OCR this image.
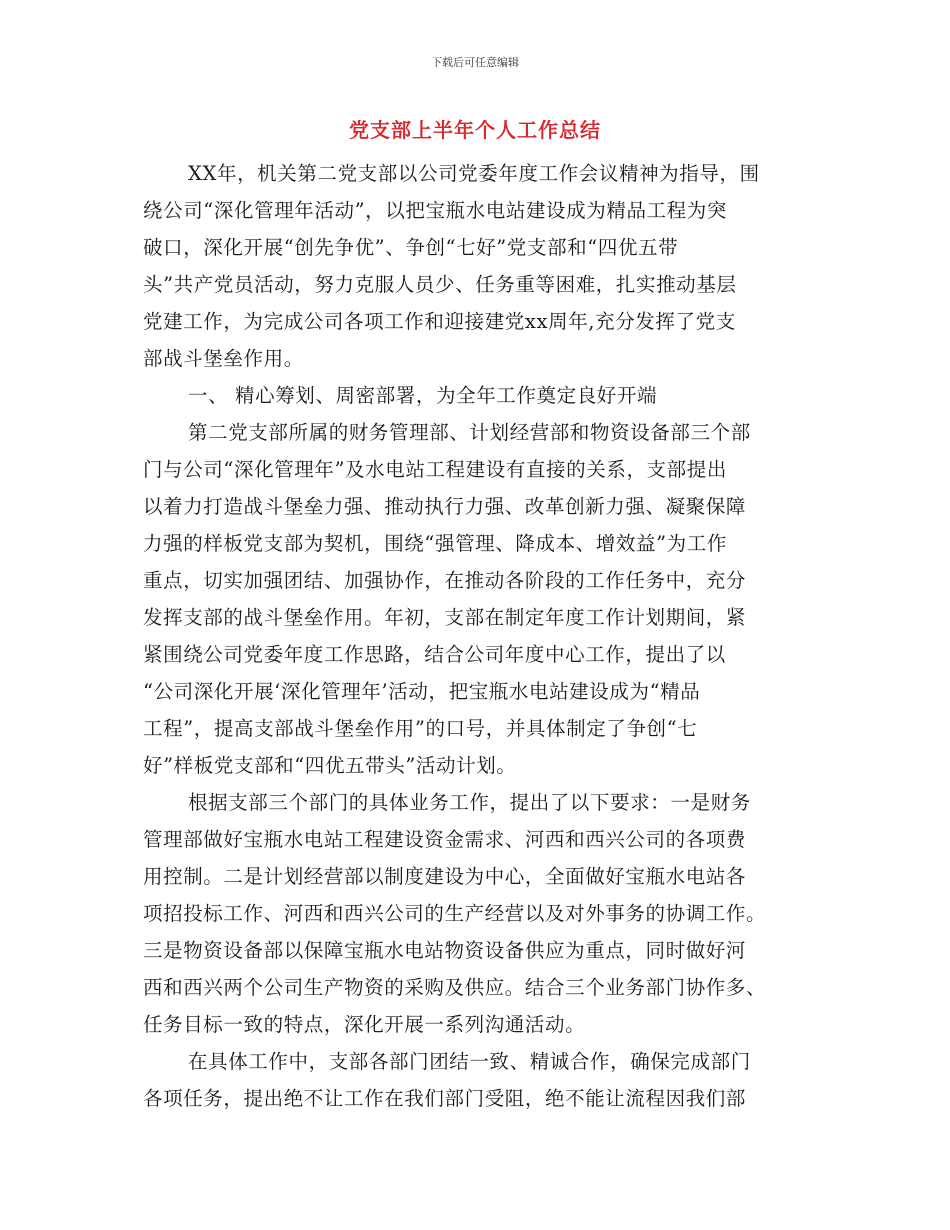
下载后可任意编辑
党支部上半年个人工作总结
XX年，机关第二党支部以公司党委年度工作会议精神为指导，围
绕公司“深化管理年活动”，以把宝瓶水电站建设成为精品工程为突
破口，深化开展“创先争优”、争创“七好”党支部和“四优五带
头”共产党员活动，努力克服人员少、任务重等困难，扎实推动基层
党建工作，为完成公司各项工作和迎接建党xx周年,充分发挥了党支
部战斗堡垒作用。
一、 精心筹划、周密部署，为全年工作奠定良好开端
第二党支部所属的财务管理部、计划经营部和物资设备部三个部
门与公司“深化管理年”及水电站工程建设有直接的关系，支部提出
以着力打造战斗堡垒力强、推动执行力强、改革创新力强、凝聚保障
力强的样板党支部为契机，围绕“强管理、降成本、增效益”为工作
重点，切实加强团结、加强协作，在推动各阶段的工作任务中，充分
发挥支部的战斗堡垒作用。年初，支部在制定年度工作计划期间，紧
紧围绕公司党委年度工作思路，结合公司年度中心工作，提出了以
“公司深化开展‘深化管理年’活动，把宝瓶水电站建设成为“精品
工程”，提高支部战斗堡垒作用”的口号，并具体制定了争创“七
好”样板党支部和“四优五带头”活动计划。
根据支部三个部门的具体业务工作，提出了以下要求：一是财务
管理部做好宝瓶水电站工程建设资金需求、河西和西兴公司的各项费
用控制。二是计划经营部以制度建设为中心，全面做好宝瓶水电站各
项招投标工作、河西和西兴公司的生产经营以及对外事务的协调工作。
三是物资设备部以保障宝瓶水电站物资设备供应为重点，同时做好河
西和西兴两个公司生产物资的采购及供应。结合三个业务部门协作多、
任务目标一致的特点，深化开展一系列沟通活动。
在具体工作中，支部各部门团结一致、精诚合作，确保完成部门
各项任务，提出绝不让工作在我们部门受阻，绝不能让流程因我们部
